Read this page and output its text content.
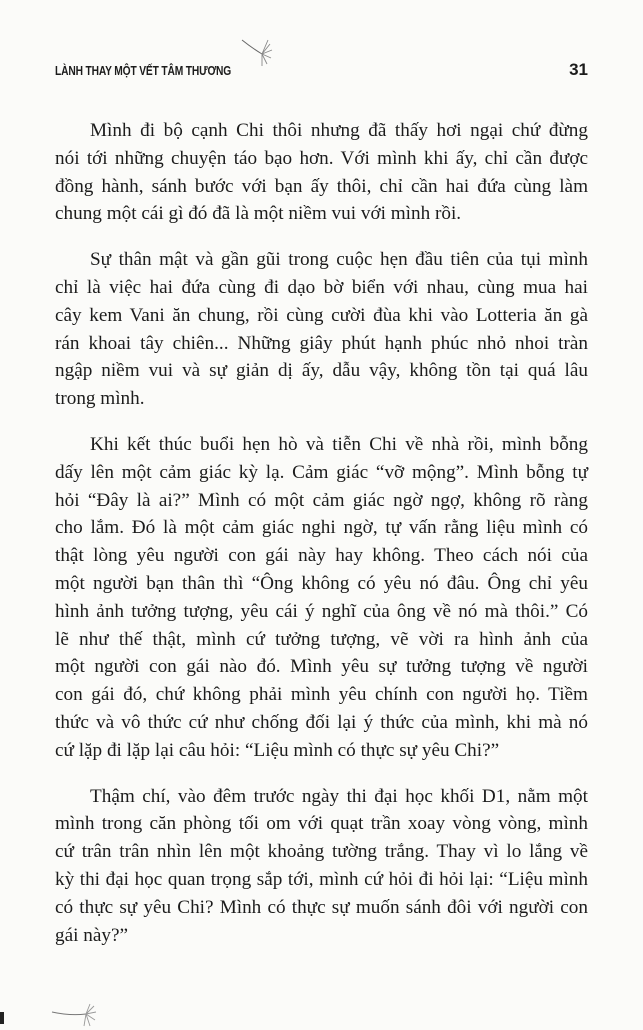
LÀNH THAY MỘT VẾT TÂM THƯƠNG	31

Mình đi bộ cạnh Chi thôi nhưng đã thấy hơi ngại chứ đừng
nói tới những chuyện táo bạo hơn. Với mình khi ấy, chỉ cần được
đồng hành, sánh bước với bạn ấy thôi, chỉ cần hai đứa cùng làm
chung một cái gì đó đã là một niềm vui với mình rồi.

Sự thân mật và gần gũi trong cuộc hẹn đầu tiên của tụi mình
chỉ là việc hai đứa cùng đi dạo bờ biển với nhau, cùng mua hai
cây kem Vani ăn chung, rồi cùng cười đùa khi vào Lotteria ăn gà
rán khoai tây chiên... Những giây phút hạnh phúc nhỏ nhoi tràn
ngập niềm vui và sự giản dị ấy, dẫu vậy, không tồn tại quá lâu
trong mình.

Khi kết thúc buổi hẹn hò và tiễn Chi về nhà rồi, mình bỗng
dấy lên một cảm giác kỳ lạ. Cảm giác “vỡ mộng”. Mình bỗng tự
hỏi “Đây là ai?” Mình có một cảm giác ngờ ngợ, không rõ ràng
cho lắm. Đó là một cảm giác nghi ngờ, tự vấn rằng liệu mình có
thật lòng yêu người con gái này hay không. Theo cách nói của
một người bạn thân thì “Ông không có yêu nó đâu. Ông chỉ yêu
hình ảnh tưởng tượng, yêu cái ý nghĩ của ông về nó mà thôi.” Có
lẽ như thế thật, mình cứ tưởng tượng, vẽ vời ra hình ảnh của
một người con gái nào đó. Mình yêu sự tưởng tượng về người
con gái đó, chứ không phải mình yêu chính con người họ. Tiềm
thức và vô thức cứ như chống đối lại ý thức của mình, khi mà nó
cứ lặp đi lặp lại câu hỏi: “Liệu mình có thực sự yêu Chi?”

Thậm chí, vào đêm trước ngày thi đại học khối D1, nằm một
mình trong căn phòng tối om với quạt trần xoay vòng vòng, mình
cứ trân trân nhìn lên một khoảng tường trắng. Thay vì lo lắng về
kỳ thi đại học quan trọng sắp tới, mình cứ hỏi đi hỏi lại: “Liệu mình
có thực sự yêu Chi? Mình có thực sự muốn sánh đôi với người con
gái này?”
